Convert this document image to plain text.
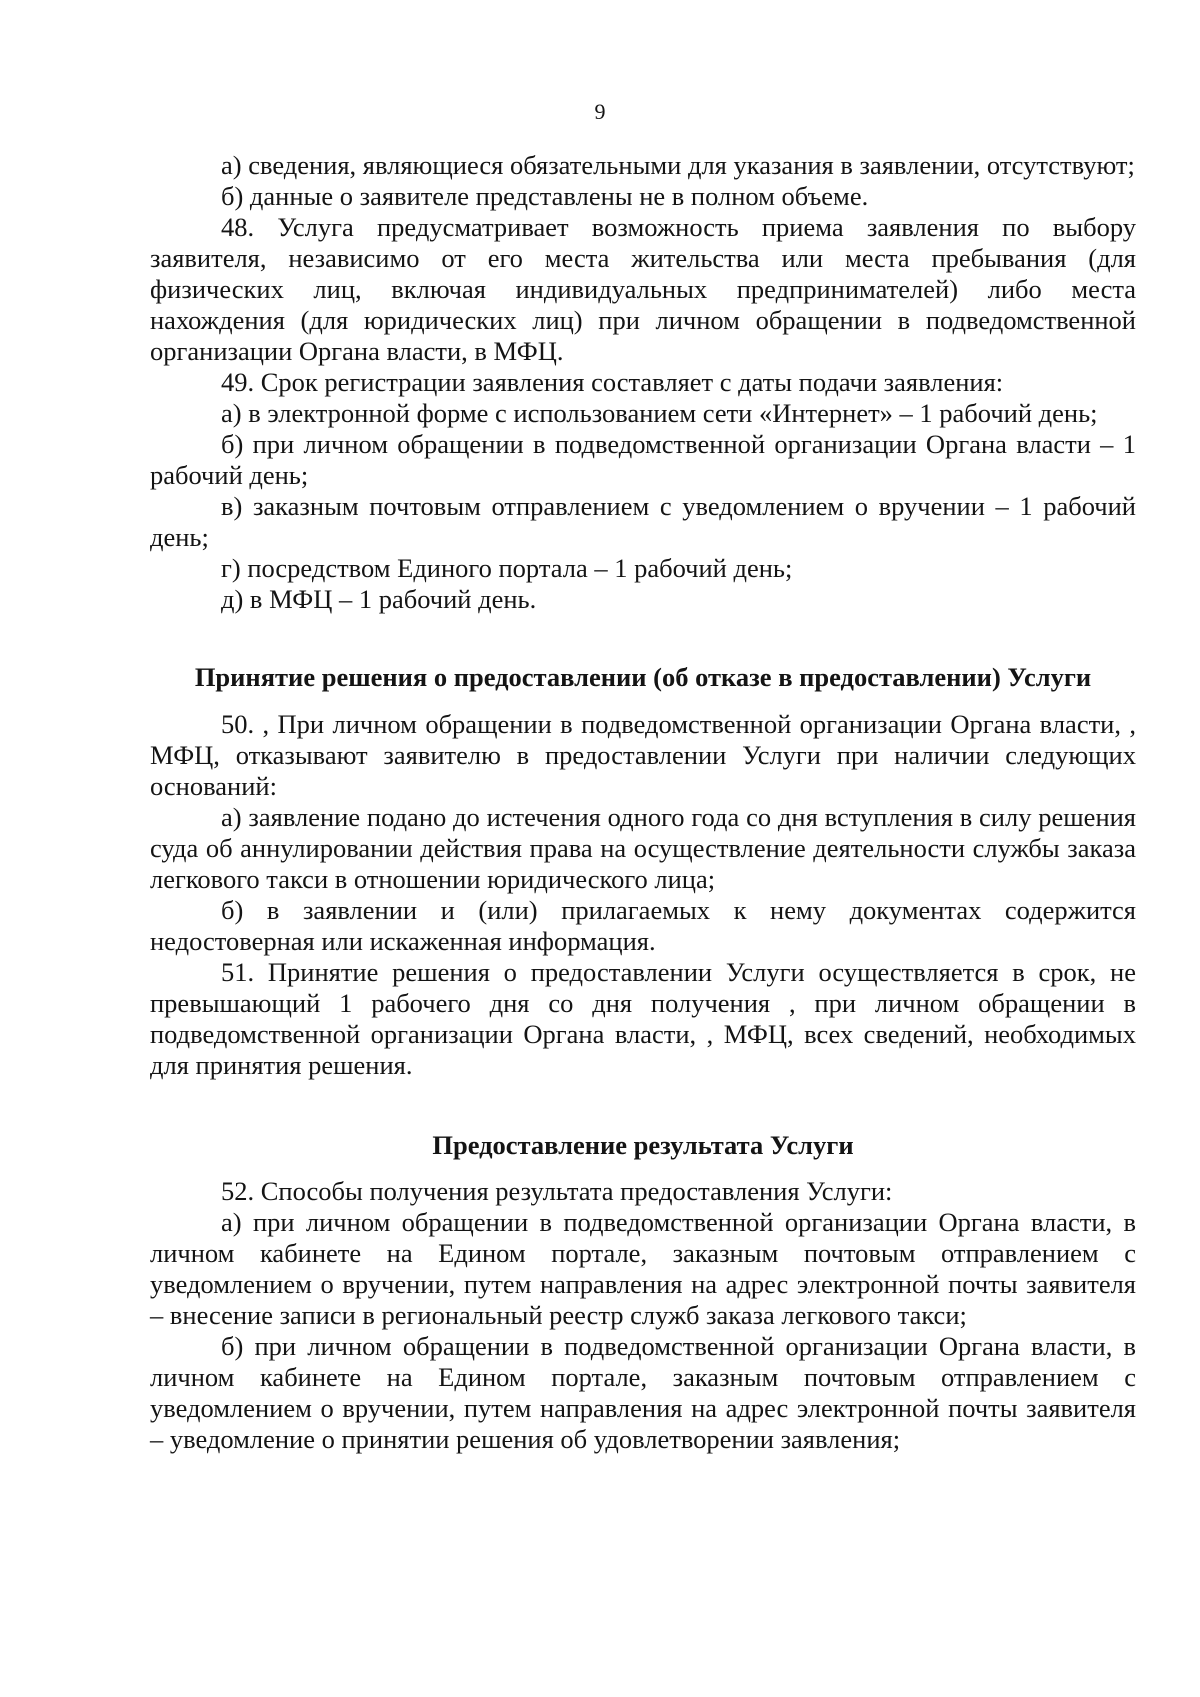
9

а) сведения, являющиеся обязательными для указания в заявлении, отсутствуют;

б) данные о заявителе представлены не в полном объеме.

48. Услуга предусматривает возможность приема заявления по выбору заявителя, независимо от его места жительства или места пребывания (для физических лиц, включая индивидуальных предпринимателей) либо места нахождения (для юридических лиц) при личном обращении в подведомственной организации Органа власти, в МФЦ.

49. Срок регистрации заявления составляет с даты подачи заявления:

а) в электронной форме с использованием сети «Интернет» – 1 рабочий день;

б) при личном обращении в подведомственной организации Органа власти – 1 рабочий день;

в) заказным почтовым отправлением с уведомлением о вручении – 1 рабочий день;

г) посредством Единого портала – 1 рабочий день;

д) в МФЦ – 1 рабочий день.

Принятие решения о предоставлении (об отказе в предоставлении) Услуги

50. , При личном обращении в подведомственной организации Органа власти, , МФЦ, отказывают заявителю в предоставлении Услуги при наличии следующих оснований:

а) заявление подано до истечения одного года со дня вступления в силу решения суда об аннулировании действия права на осуществление деятельности службы заказа легкового такси в отношении юридического лица;

б) в заявлении и (или) прилагаемых к нему документах содержится недостоверная или искаженная информация.

51. Принятие решения о предоставлении Услуги осуществляется в срок, не превышающий 1 рабочего дня со дня получения , при личном обращении в подведомственной организации Органа власти, , МФЦ, всех сведений, необходимых для принятия решения.

Предоставление результата Услуги

52. Способы получения результата предоставления Услуги:

а) при личном обращении в подведомственной организации Органа власти, в личном кабинете на Едином портале, заказным почтовым отправлением с уведомлением о вручении, путем направления на адрес электронной почты заявителя – внесение записи в региональный реестр служб заказа легкового такси;

б) при личном обращении в подведомственной организации Органа власти, в личном кабинете на Едином портале, заказным почтовым отправлением с уведомлением о вручении, путем направления на адрес электронной почты заявителя – уведомление о принятии решения об удовлетворении заявления;
